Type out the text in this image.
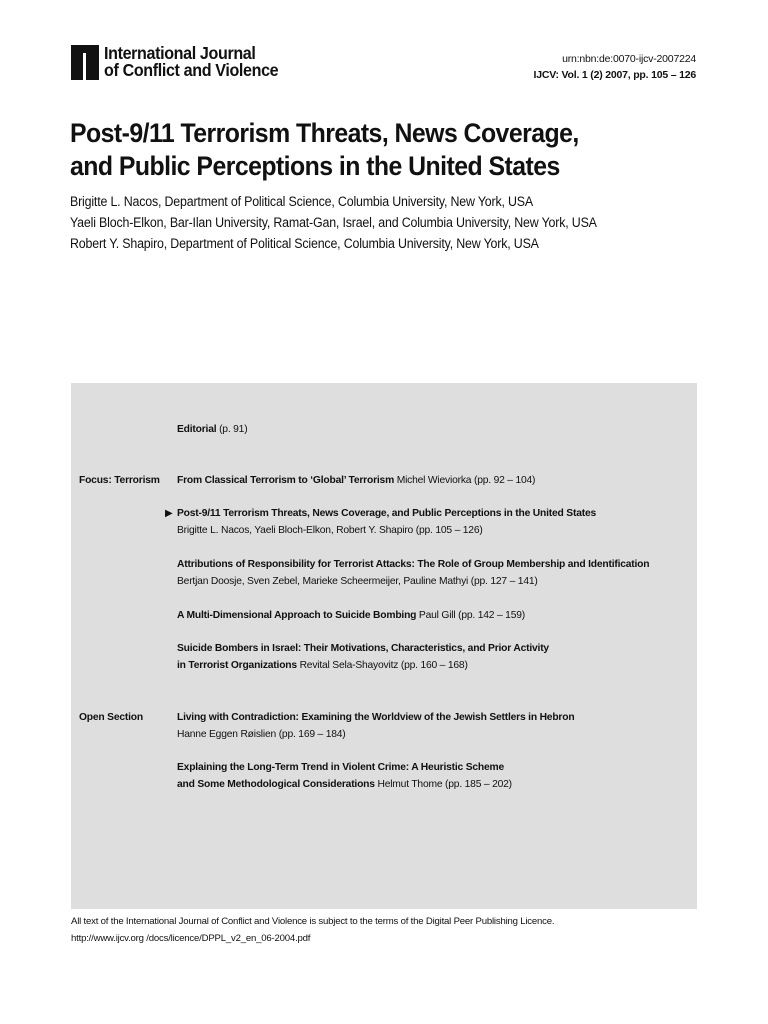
International Journal
of Conflict and Violence
urn:nbn:de:0070-ijcv-2007224
IJCV: Vol. 1 (2) 2007, pp. 105 – 126
Post-9/11 Terrorism Threats, News Coverage,
and Public Perceptions in the United States
Brigitte L. Nacos, Department of Political Science, Columbia University, New York, USA
Yaeli Bloch-Elkon, Bar-Ilan University, Ramat-Gan, Israel, and Columbia University, New York, USA
Robert Y. Shapiro, Department of Political Science, Columbia University, New York, USA
Focus: Terrorism
Open Section
Editorial (p. 91)
From Classical Terrorism to ‘Global’ Terrorism Michel Wieviorka (pp. 92 – 104)
▶ Post-9/11 Terrorism Threats, News Coverage, and Public Perceptions in the United States
Brigitte L. Nacos, Yaeli Bloch-Elkon, Robert Y. Shapiro (pp. 105 – 126)
Attributions of Responsibility for Terrorist Attacks: The Role of Group Membership and Identification
Bertjan Doosje, Sven Zebel, Marieke Scheermeijer, Pauline Mathyi (pp. 127 – 141)
A Multi-Dimensional Approach to Suicide Bombing Paul Gill (pp. 142 – 159)
Suicide Bombers in Israel: Their Motivations, Characteristics, and Prior Activity
in Terrorist Organizations Revital Sela-Shayovitz (pp. 160 – 168)
Living with Contradiction: Examining the Worldview of the Jewish Settlers in Hebron
Hanne Eggen Røislien (pp. 169 – 184)
Explaining the Long-Term Trend in Violent Crime: A Heuristic Scheme
and Some Methodological Considerations Helmut Thome (pp. 185 – 202)
All text of the International Journal of Conflict and Violence is subject to the terms of the Digital Peer Publishing Licence.
http://www.ijcv.org /docs/licence/DPPL_v2_en_06-2004.pdf
